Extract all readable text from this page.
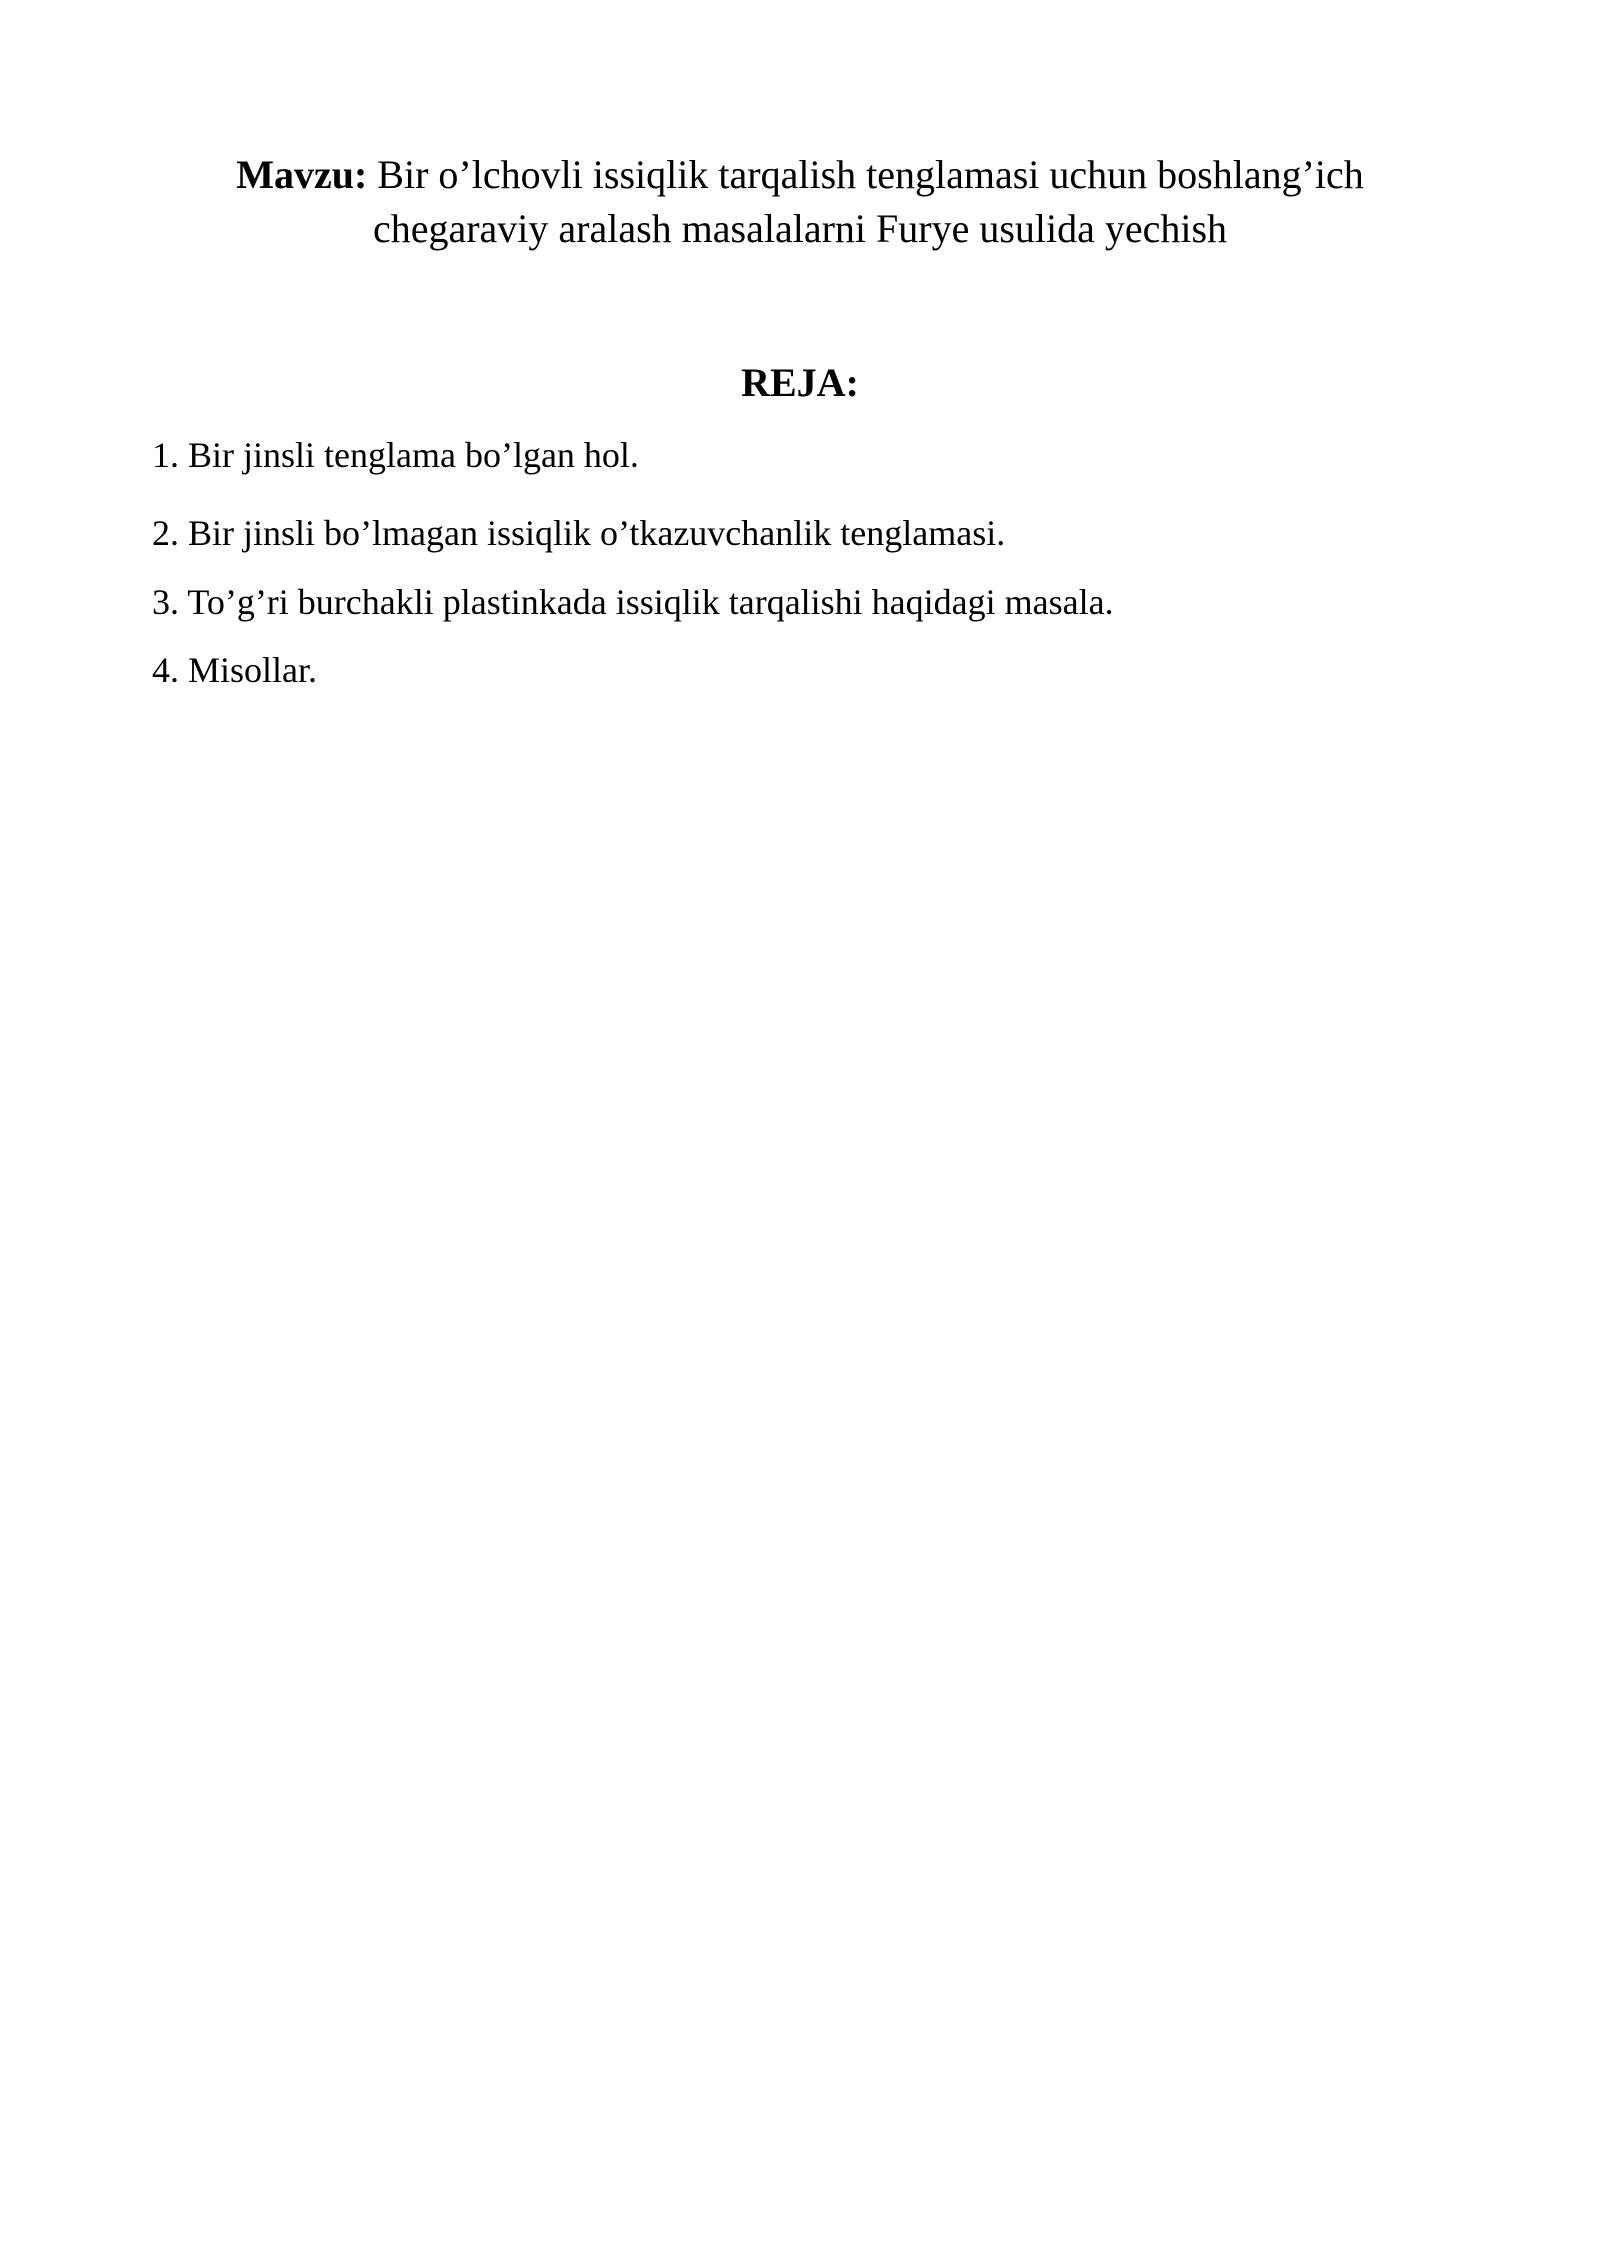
Mavzu: Bir o’lchovli issiqlik tarqalish tenglamasi uchun boshlang’ich
chegaraviy aralash masalalarni Furye usulida yechish
REJA:
1. Bir jinsli tenglama bo’lgan hol.
2. Bir jinsli bo’lmagan issiqlik o’tkazuvchanlik tenglamasi.
3. To’g’ri burchakli plastinkada issiqlik tarqalishi haqidagi masala.
4. Misollar.
